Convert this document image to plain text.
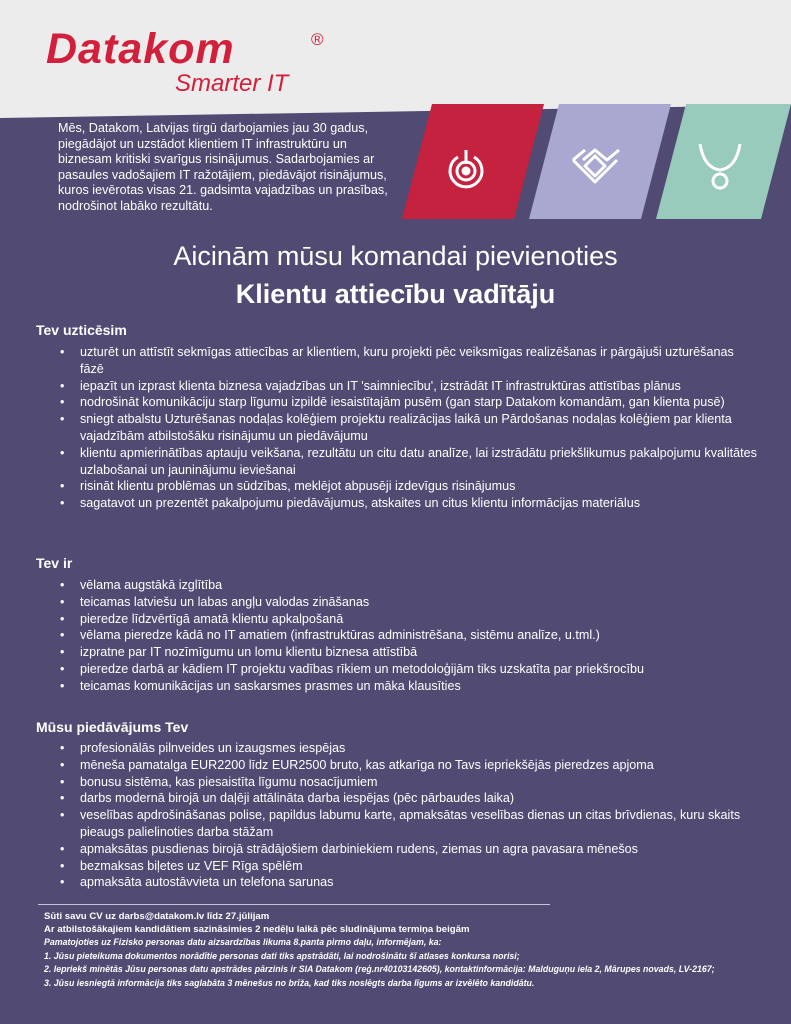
Datakom	®
Smarter IT
Mēs, Datakom, Latvijas tirgū darbojamies jau 30 gadus, piegādājot un uzstādot klientiem IT infrastruktūru un biznesam kritiski svarīgus risinājumus. Sadarbojamies ar pasaules vadošajiem IT ražotājiem, piedāvājot risinājumus, kuros ievērotas visas 21. gadsimta vajadzības un prasības, nodrošinot labāko rezultātu.
Aicinām mūsu komandai pievienoties
Klientu attiecību vadītāju
Tev uzticēsim
• uzturēt un attīstīt sekmīgas attiecības ar klientiem, kuru projekti pēc veiksmīgas realizēšanas ir pārgājuši uzturēšanas fāzē
• iepazīt un izprast klienta biznesa vajadzības un IT 'saimniecību', izstrādāt IT infrastruktūras attīstības plānus
• nodrošināt komunikāciju starp līgumu izpildē iesaistītajām pusēm (gan starp Datakom komandām, gan klienta pusē)
• sniegt atbalstu Uzturēšanas nodaļas kolēģiem projektu realizācijas laikā un Pārdošanas nodaļas kolēģiem par klienta vajadzībām atbilstošāku risinājumu un piedāvājumu
• klientu apmierinātības aptauju veikšana, rezultātu un citu datu analīze, lai izstrādātu priekšlikumus pakalpojumu kvalitātes uzlabošanai un jauninājumu ieviešanai
• risināt klientu problēmas un sūdzības, meklējot abpusēji izdevīgus risinājumus
• sagatavot un prezentēt pakalpojumu piedāvājumus, atskaites un citus klientu informācijas materiālus
Tev ir
• vēlama augstākā izglītība
• teicamas latviešu un labas angļu valodas zināšanas
• pieredze līdzvērtīgā amatā klientu apkalpošanā
• vēlama pieredze kādā no IT amatiem (infrastruktūras administrēšana, sistēmu analīze, u.tml.)
• izpratne par IT nozīmīgumu un lomu klientu biznesa attīstībā
• pieredze darbā ar kādiem IT projektu vadības rīkiem un metodoloģijām tiks uzskatīta par priekšrocību
• teicamas komunikācijas un saskarsmes prasmes un māka klausīties
Mūsu piedāvājums Tev
• profesionālās pilnveides un izaugsmes iespējas
• mēneša pamatalga EUR2200 līdz EUR2500 bruto, kas atkarīga no Tavs iepriekšējās pieredzes apjoma
• bonusu sistēma, kas piesaistīta līgumu nosacījumiem
• darbs modernā birojā un daļēji attālināta darba iespējas (pēc pārbaudes laika)
• veselības apdrošināšanas polise, papildus labumu karte, apmaksātas veselības dienas un citas brīvdienas, kuru skaits pieaugs palielinoties darba stāžam
• apmaksātas pusdienas birojā strādājošiem darbiniekiem rudens, ziemas un agra pavasara mēnešos
• bezmaksas biļetes uz VEF Rīga spēlēm
• apmaksāta autostāvvieta un telefona sarunas
Sūti savu CV uz darbs@datakom.lv līdz 27.jūlijam
Ar atbilstošākajiem kandidātiem sazināsimies 2 nedēļu laikā pēc sludinājuma termiņa beigām
Pamatojoties uz Fizisko personas datu aizsardzības likuma 8.panta pirmo daļu, informējam, ka:
1. Jūsu pieteikuma dokumentos norādītie personas dati tiks apstrādāti, lai nodrošinātu šī atlases konkursa norisi;
2. Iepriekš minētās Jūsu personas datu apstrādes pārzinis ir SIA Datakom (reģ.nr40103142605), kontaktinformācija: Malduguņu iela 2, Mārupes novads, LV-2167;
3. Jūsu iesniegtā informācija tiks saglabāta 3 mēnešus no brīža, kad tiks noslēgts darba līgums ar izvēlēto kandidātu.
